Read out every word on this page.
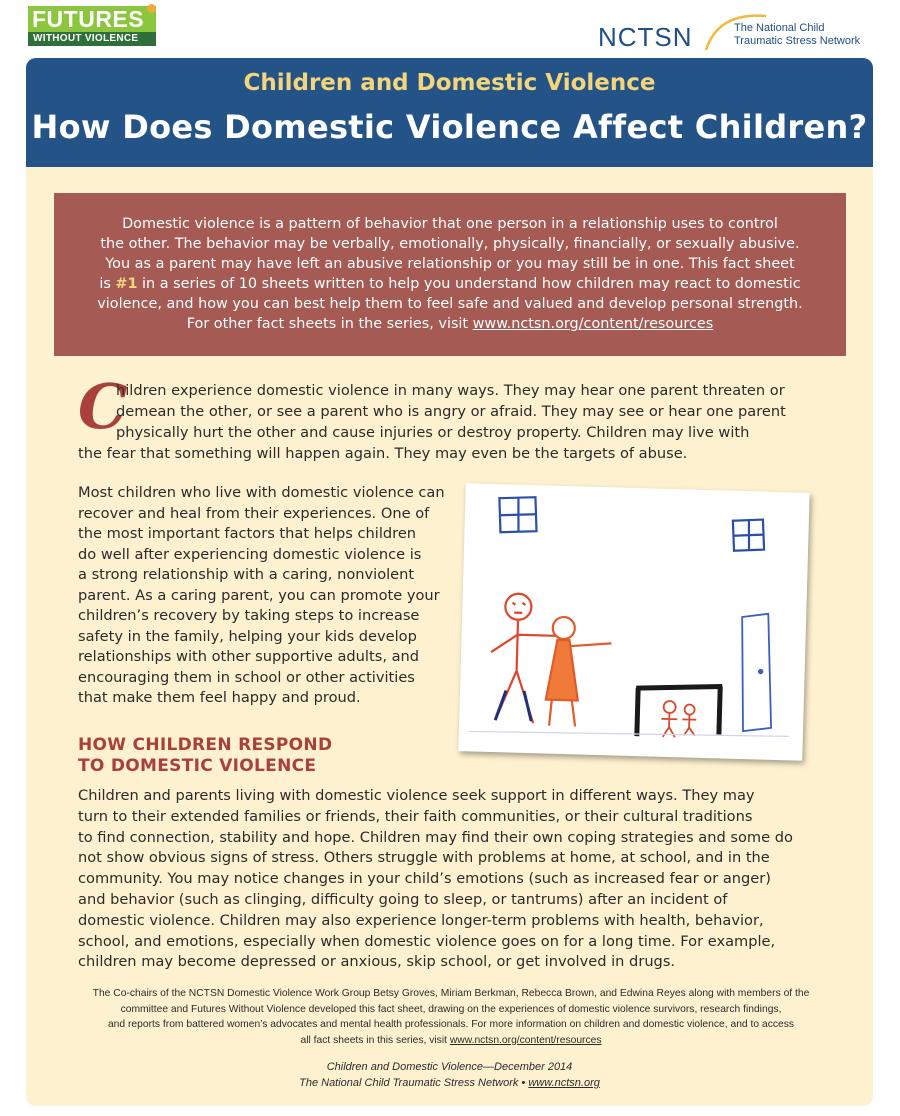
FUTURES
WITHOUT VIOLENCE	NCTSN	The National Child
Traumatic Stress Network
Children and Domestic Violence
How Does Domestic Violence Affect Children?
Domestic violence is a pattern of behavior that one person in a relationship uses to control
the other. The behavior may be verbally, emotionally, physically, financially, or sexually abusive.
You as a parent may have left an abusive relationship or you may still be in one. This fact sheet
is #1 in a series of 10 sheets written to help you understand how children may react to domestic
violence, and how you can best help them to feel safe and valued and develop personal strength.
For other fact sheets in the series, visit www.nctsn.org/content/resources
C
hildren experience domestic violence in many ways. They may hear one parent threaten or
demean the other, or see a parent who is angry or afraid. They may see or hear one parent
physically hurt the other and cause injuries or destroy property. Children may live with
the fear that something will happen again. They may even be the targets of abuse.
Most children who live with domestic violence can
recover and heal from their experiences. One of
the most important factors that helps children
do well after experiencing domestic violence is
a strong relationship with a caring, nonviolent
parent. As a caring parent, you can promote your
children’s recovery by taking steps to increase
safety in the family, helping your kids develop
relationships with other supportive adults, and
encouraging them in school or other activities
that make them feel happy and proud.
HOW CHILDREN RESPOND
TO DOMESTIC VIOLENCE
Children and parents living with domestic violence seek support in different ways. They may
turn to their extended families or friends, their faith communities, or their cultural traditions
to find connection, stability and hope. Children may find their own coping strategies and some do
not show obvious signs of stress. Others struggle with problems at home, at school, and in the
community. You may notice changes in your child’s emotions (such as increased fear or anger)
and behavior (such as clinging, difficulty going to sleep, or tantrums) after an incident of
domestic violence. Children may also experience longer-term problems with health, behavior,
school, and emotions, especially when domestic violence goes on for a long time. For example,
children may become depressed or anxious, skip school, or get involved in drugs.
The Co-chairs of the NCTSN Domestic Violence Work Group Betsy Groves, Miriam Berkman, Rebecca Brown, and Edwina Reyes along with members of the
committee and Futures Without Violence developed this fact sheet, drawing on the experiences of domestic violence survivors, research findings,
and reports from battered women’s advocates and mental health professionals. For more information on children and domestic violence, and to access
all fact sheets in this series, visit www.nctsn.org/content/resources
Children and Domestic Violence—December 2014
The National Child Traumatic Stress Network • www.nctsn.org
